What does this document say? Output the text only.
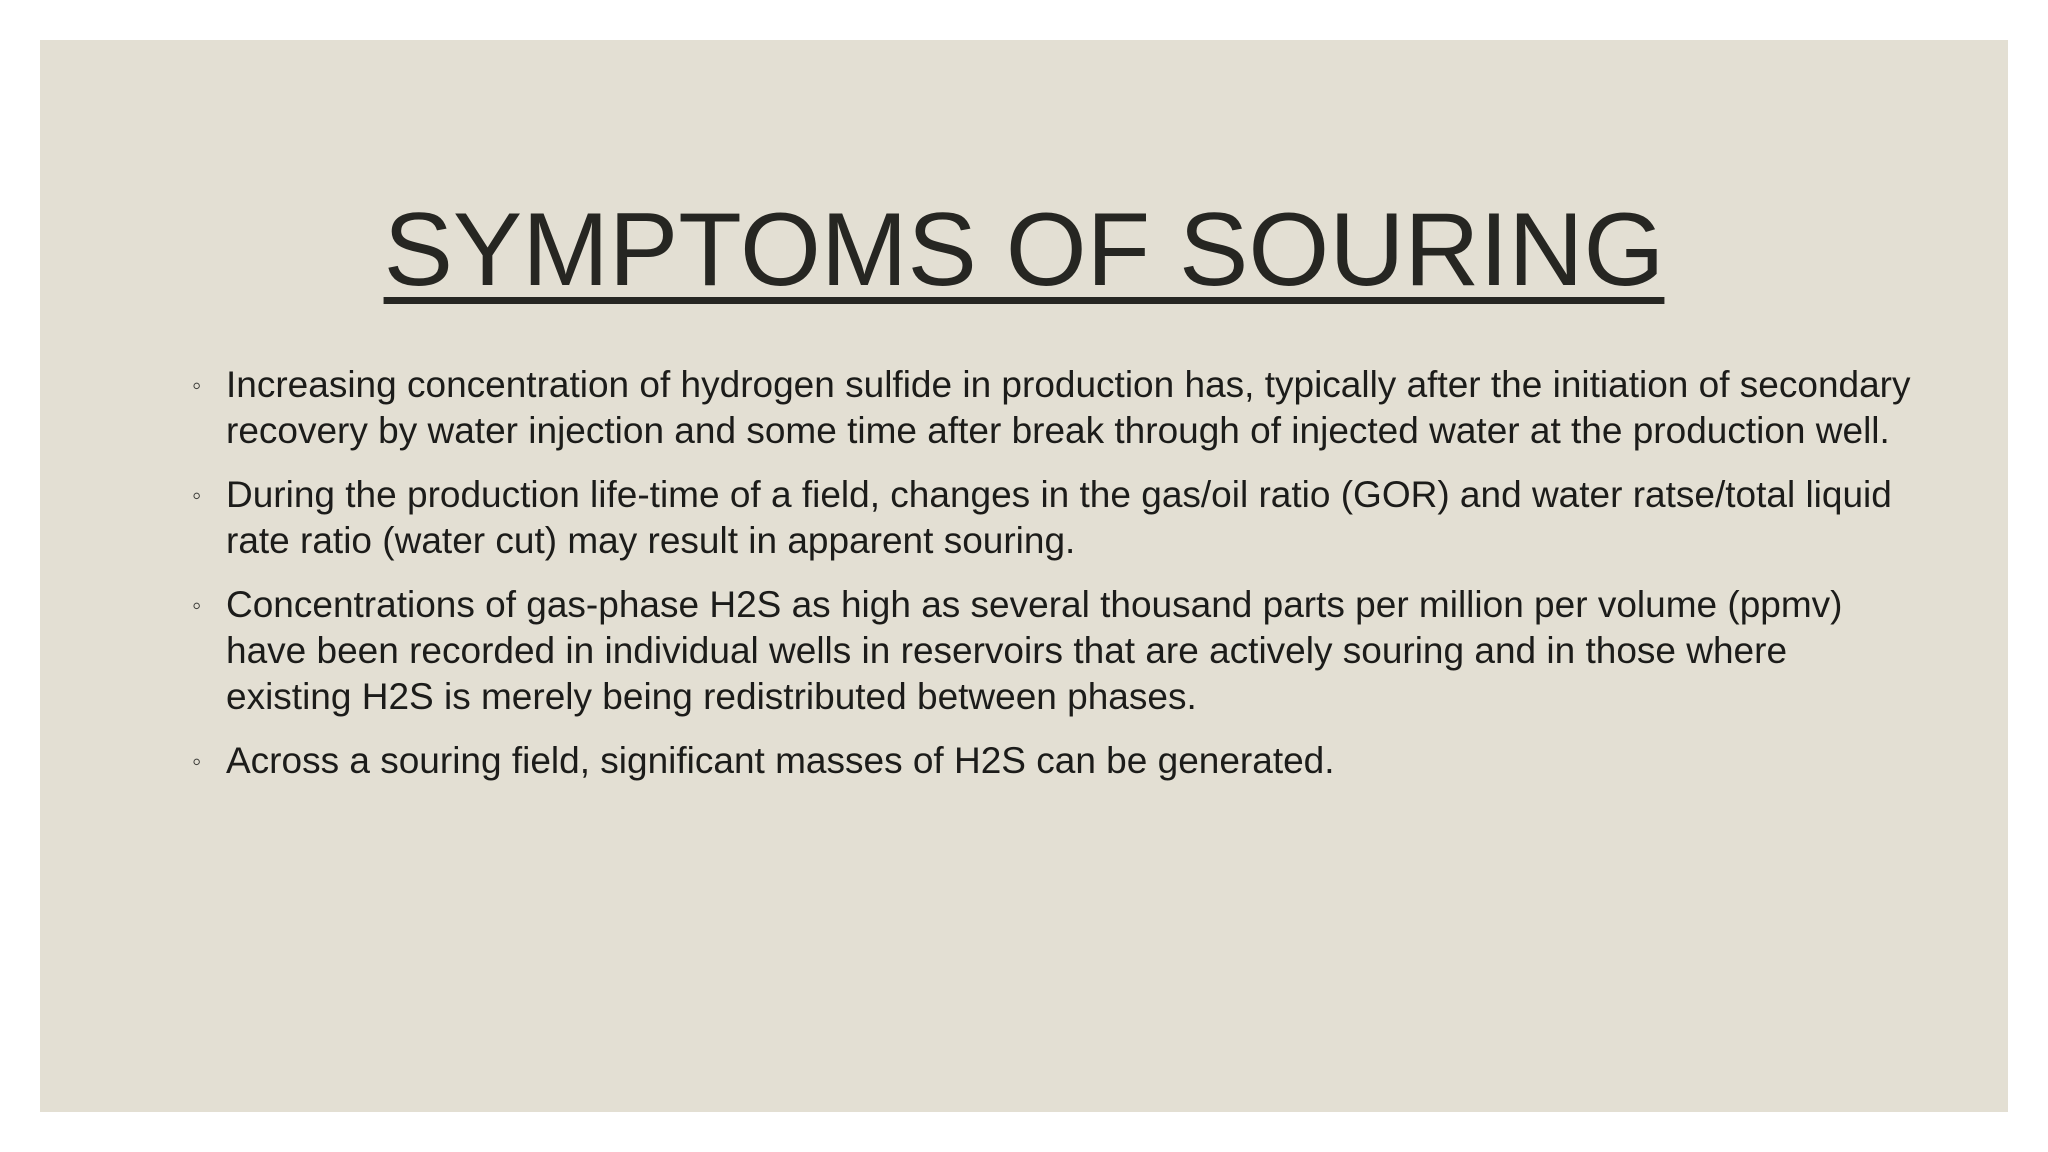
SYMPTOMS OF SOURING
◦ Increasing concentration of hydrogen sulfide in production has, typically after the initiation of secondary recovery by water injection and some time after break through of injected water at the production well.
◦ During the production life-time of a field, changes in the gas/oil ratio (GOR) and water ratse/total liquid rate ratio (water cut) may result in apparent souring.
◦ Concentrations of gas-phase H2S as high as several thousand parts per million per volume (ppmv) have been recorded in individual wells in reservoirs that are actively souring and in those where existing H2S is merely being redistributed between phases.
◦ Across a souring field, significant masses of H2S can be generated.
